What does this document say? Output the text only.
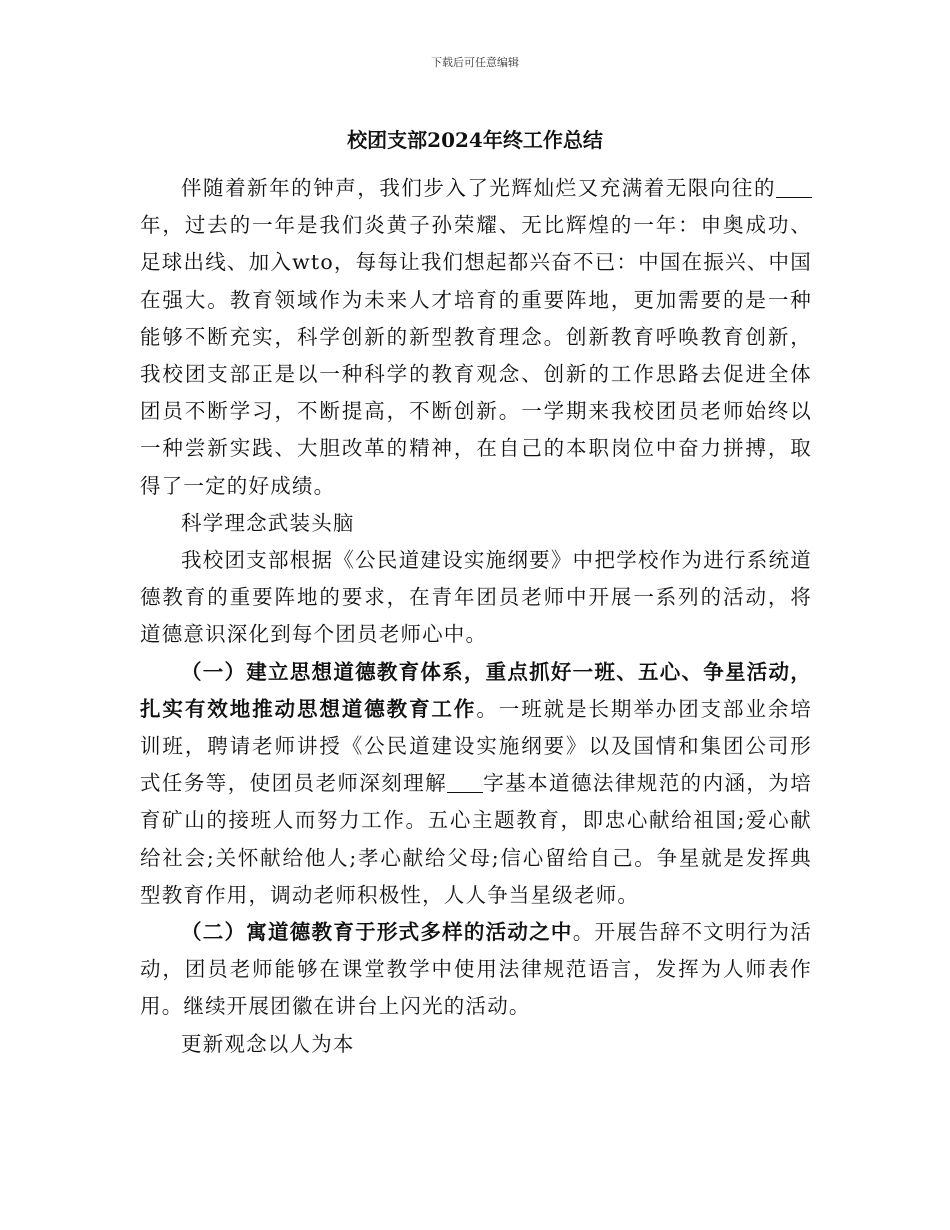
下载后可任意编辑
校团支部2024年终工作总结

伴随着新年的钟声，我们步入了光辉灿烂又充满着无限向往的年，过去的一年是我们炎黄子孙荣耀、无比辉煌的一年：申奥成功、足球出线、加入wto，每每让我们想起都兴奋不已：中国在振兴、中国在强大。教育领域作为未来人才培育的重要阵地，更加需要的是一种能够不断充实，科学创新的新型教育理念。创新教育呼唤教育创新，我校团支部正是以一种科学的教育观念、创新的工作思路去促进全体团员不断学习，不断提高，不断创新。一学期来我校团员老师始终以一种尝新实践、大胆改革的精神，在自己的本职岗位中奋力拼搏，取得了一定的好成绩。

科学理念武装头脑

我校团支部根据《公民道建设实施纲要》中把学校作为进行系统道德教育的重要阵地的要求，在青年团员老师中开展一系列的活动，将道德意识深化到每个团员老师心中。

（一）建立思想道德教育体系，重点抓好一班、五心、争星活动，扎实有效地推动思想道德教育工作。一班就是长期举办团支部业余培训班，聘请老师讲授《公民道建设实施纲要》以及国情和集团公司形式任务等，使团员老师深刻理解 字基本道德法律规范的内涵，为培育矿山的接班人而努力工作。五心主题教育，即忠心献给祖国;爱心献给社会;关怀献给他人;孝心献给父母;信心留给自己。争星就是发挥典型教育作用，调动老师积极性，人人争当星级老师。

（二）寓道德教育于形式多样的活动之中。开展告辞不文明行为活动，团员老师能够在课堂教学中使用法律规范语言，发挥为人师表作用。继续开展团徽在讲台上闪光的活动。

更新观念以人为本
